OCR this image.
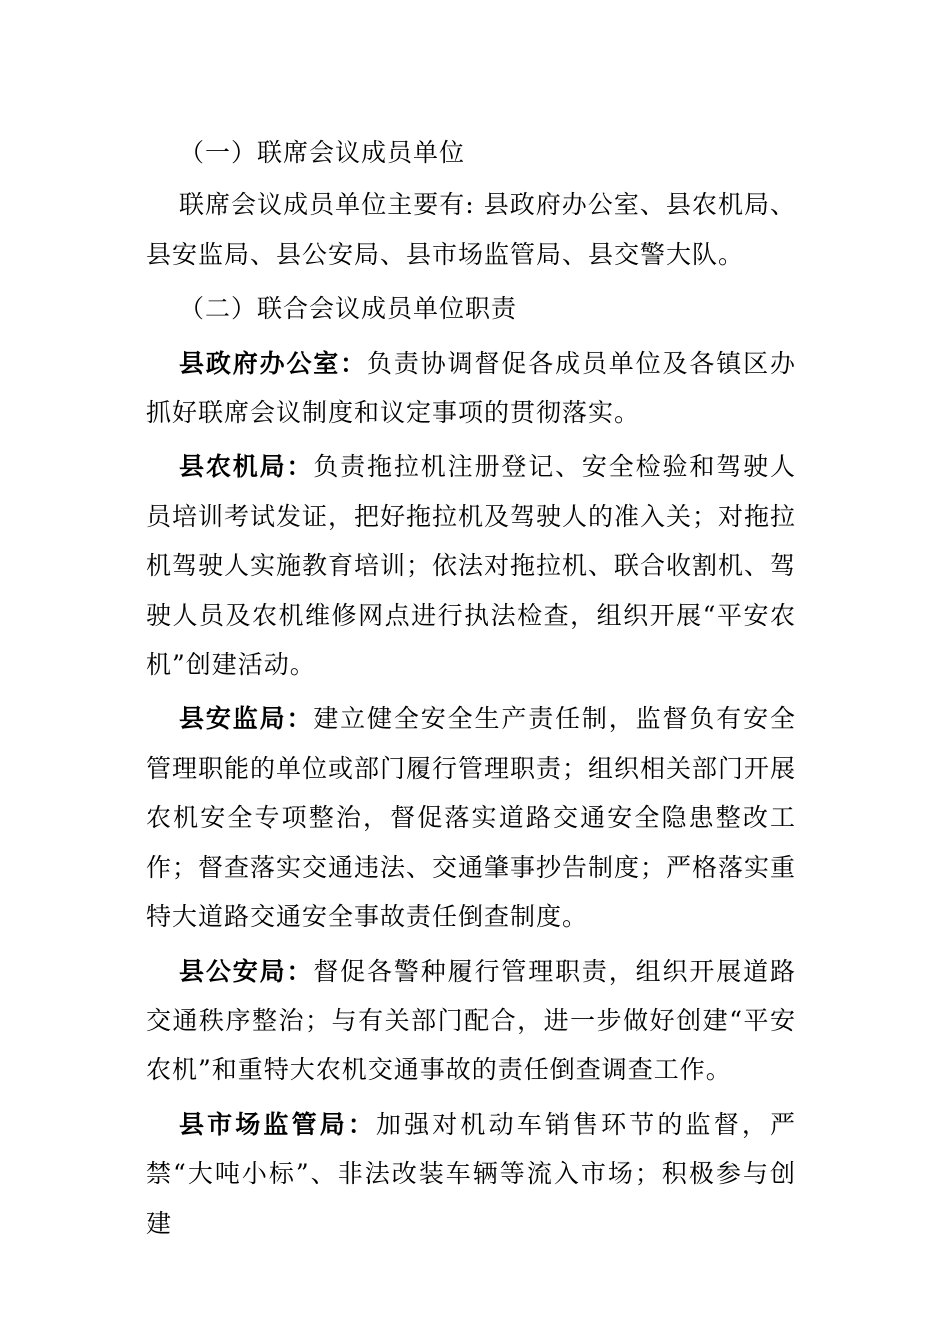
（一）联席会议成员单位

联席会议成员单位主要有: 县政府办公室、县农机局、县安监局、县公安局、县市场监管局、县交警大队。

（二）联合会议成员单位职责

县政府办公室：负责协调督促各成员单位及各镇区办抓好联席会议制度和议定事项的贯彻落实。

县农机局：负责拖拉机注册登记、安全检验和驾驶人员培训考试发证，把好拖拉机及驾驶人的准入关；对拖拉机驾驶人实施教育培训；依法对拖拉机、联合收割机、驾驶人员及农机维修网点进行执法检查，组织开展“平安农机”创建活动。

县安监局：建立健全安全生产责任制，监督负有安全管理职能的单位或部门履行管理职责；组织相关部门开展农机安全专项整治，督促落实道路交通安全隐患整改工作；督查落实交通违法、交通肇事抄告制度；严格落实重特大道路交通安全事故责任倒查制度。

县公安局：督促各警种履行管理职责，组织开展道路交通秩序整治；与有关部门配合，进一步做好创建“平安农机”和重特大农机交通事故的责任倒查调查工作。

县市场监管局：加强对机动车销售环节的监督，严禁“大吨小标”、非法改装车辆等流入市场；积极参与创建
